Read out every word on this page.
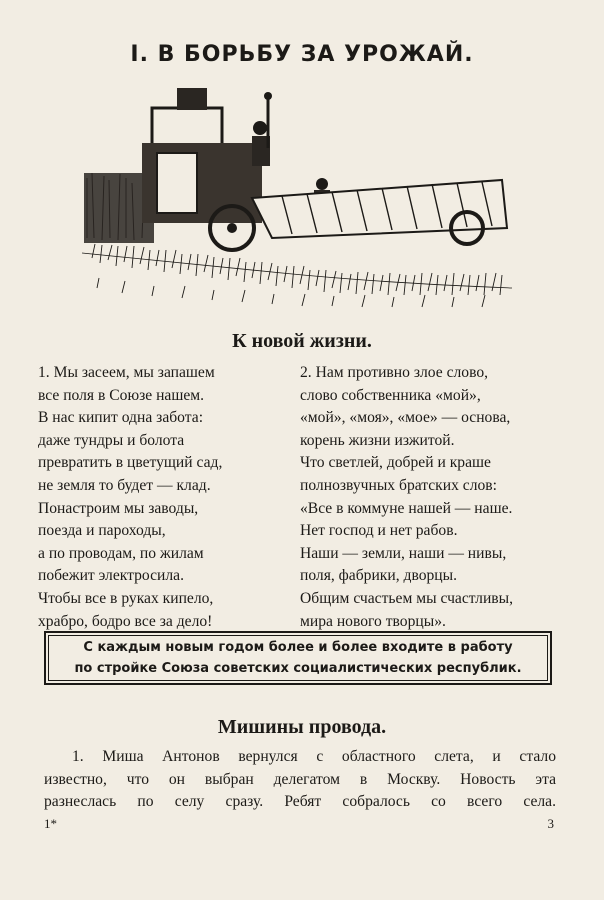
I. В БОРЬБУ ЗА УРОЖАЙ.
К новой жизни.
1. Мы засеем, мы запашем
все поля в Союзе нашем.
В нас кипит одна забота:
даже тундры и болота
превратить в цветущий сад,
не земля то будет — клад.
Понастроим мы заводы,
поезда и пароходы,
а по проводам, по жилам
побежит электросила.
Чтобы все в руках кипело,
храбро, бодро все за дело!
2. Нам противно злое слово,
слово собственника «мой»,
«мой», «моя», «мое» — основа,
корень жизни изжитой.
Что светлей, добрей и краше
полнозвучных братских слов:
«Все в коммуне нашей — наше.
Нет господ и нет рабов.
Наши — земли, наши — нивы,
поля, фабрики, дворцы.
Общим счастьем мы счастливы,
мира нового творцы».
С каждым новым годом более и более входите в работу
по стройке Союза советских социалистических республик.
Мишины провода.
1. Миша Антонов вернулся с областного слета, и стало
известно, что он выбран делегатом в Москву. Новость эта
разнеслась по селу сразу. Ребят собралось со всего села.
1*	3
